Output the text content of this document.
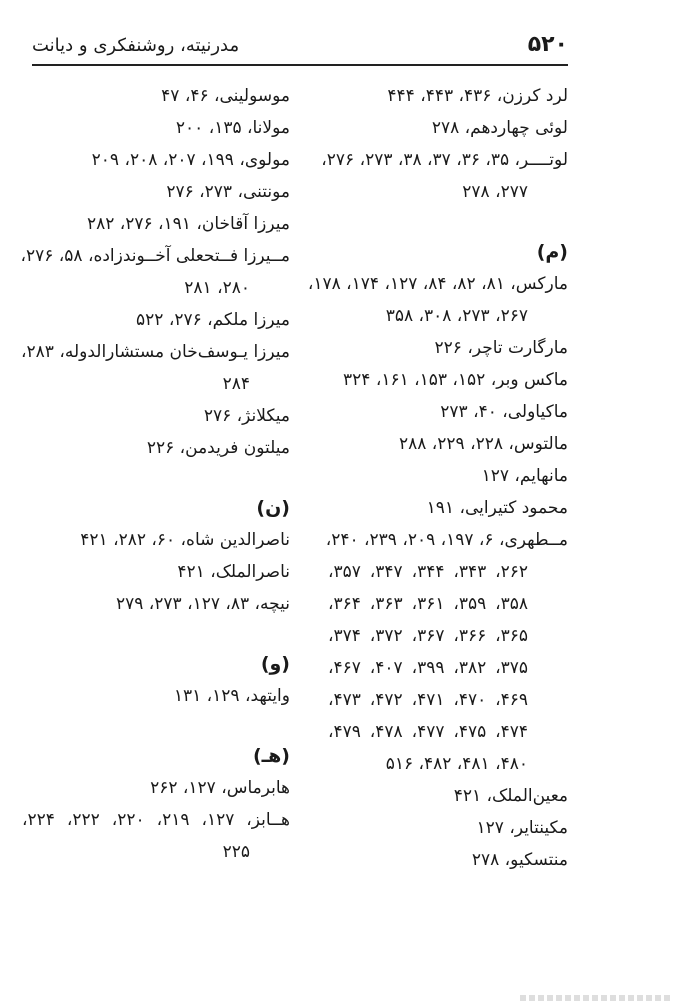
۵۲۰
مدرنیته، روشنفکری و دیانت
لرد کرزن، ۴۳۶، ۴۴۳، ۴۴۴
لوئی چهاردهم، ۲۷۸
لوتــــر، ۳۵، ۳۶، ۳۷، ۳۸، ۲۷۳، ۲۷۶،
۲۷۷، ۲۷۸
(م)
مارکس، ۸۱، ۸۲، ۸۴، ۱۲۷، ۱۷۴، ۱۷۸،
۲۶۷، ۲۷۳، ۳۰۸، ۳۵۸
مارگارت تاچر، ۲۲۶
ماکس وبر، ۱۵۲، ۱۵۳، ۱۶۱، ۳۲۴
ماکیاولی، ۴۰، ۲۷۳
مالتوس، ۲۲۸، ۲۲۹، ۲۸۸
مانهایم، ۱۲۷
محمود کتیرایی، ۱۹۱
مــطهری، ۶، ۱۹۷، ۲۰۹، ۲۳۹، ۲۴۰،
۲۶۲، ۳۴۳، ۳۴۴، ۳۴۷، ۳۵۷،
۳۵۸، ۳۵۹، ۳۶۱، ۳۶۳، ۳۶۴،
۳۶۵، ۳۶۶، ۳۶۷، ۳۷۲، ۳۷۴،
۳۷۵، ۳۸۲، ۳۹۹، ۴۰۷، ۴۶۷،
۴۶۹، ۴۷۰، ۴۷۱، ۴۷۲، ۴۷۳،
۴۷۴، ۴۷۵، ۴۷۷، ۴۷۸، ۴۷۹،
۴۸۰، ۴۸۱، ۴۸۲، ۵۱۶
معین‌الملک، ۴۲۱
مکینتایر، ۱۲۷
منتسکیو، ۲۷۸
موسولینی، ۴۶، ۴۷
مولانا، ۱۳۵، ۲۰۰
مولوی، ۱۹۹، ۲۰۷، ۲۰۸، ۲۰۹
مونتنی، ۲۷۳، ۲۷۶
میرزا آقاخان، ۱۹۱، ۲۷۶، ۲۸۲
مــیرزا فــتحعلی آخــوندزاده، ۵۸، ۲۷۶،
۲۸۰، ۲۸۱
میرزا ملکم، ۲۷۶، ۵۲۲
میرزا یـوسف‌خان مستشارالدوله، ۲۸۳،
۲۸۴
میکلانژ، ۲۷۶
میلتون فریدمن، ۲۲۶
(ن)
ناصرالدین شاه، ۶۰، ۲۸۲، ۴۲۱
ناصرالملک، ۴۲۱
نیچه، ۸۳، ۱۲۷، ۲۷۳، ۲۷۹
(و)
وایتهد، ۱۲۹، ۱۳۱
(هـ)
هابرماس، ۱۲۷، ۲۶۲
هــابز، ۱۲۷، ۲۱۹، ۲۲۰، ۲۲۲، ۲۲۴،
۲۲۵
